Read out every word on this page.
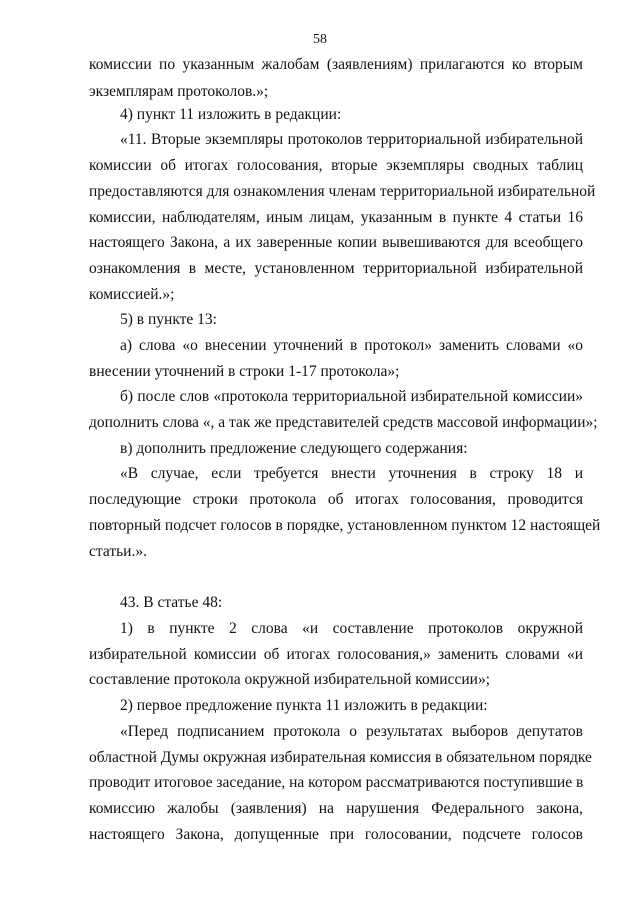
58
комиссии по указанным жалобам (заявлениям) прилагаются ко вторым
экземплярам протоколов.»;
4) пункт 11 изложить в редакции:
«11. Вторые экземпляры протоколов территориальной избирательной
комиссии об итогах голосования, вторые экземпляры сводных таблиц
предоставляются для ознакомления членам территориальной избирательной
комиссии, наблюдателям, иным лицам, указанным в пункте 4 статьи 16
настоящего Закона, а их заверенные копии вывешиваются для всеобщего
ознакомления в месте, установленном территориальной избирательной
комиссией.»;
5) в пункте 13:
а) слова «о внесении уточнений в протокол» заменить словами «о
внесении уточнений в строки 1-17 протокола»;
б) после слов «протокола территориальной избирательной комиссии»
дополнить слова «, а так же представителей средств массовой информации»;
в) дополнить предложение следующего содержания:
«В случае, если требуется внести уточнения в строку 18 и
последующие строки протокола об итогах голосования, проводится
повторный подсчет голосов в порядке, установленном пунктом 12 настоящей
статьи.».
43. В статье 48:
1) в пункте 2 слова «и составление протоколов окружной
избирательной комиссии об итогах голосования,» заменить словами «и
составление протокола окружной избирательной комиссии»;
2) первое предложение пункта 11 изложить в редакции:
«Перед подписанием протокола о результатах выборов депутатов
областной Думы окружная избирательная комиссия в обязательном порядке
проводит итоговое заседание, на котором рассматриваются поступившие в
комиссию жалобы (заявления) на нарушения Федерального закона,
настоящего Закона, допущенные при голосовании, подсчете голосов
